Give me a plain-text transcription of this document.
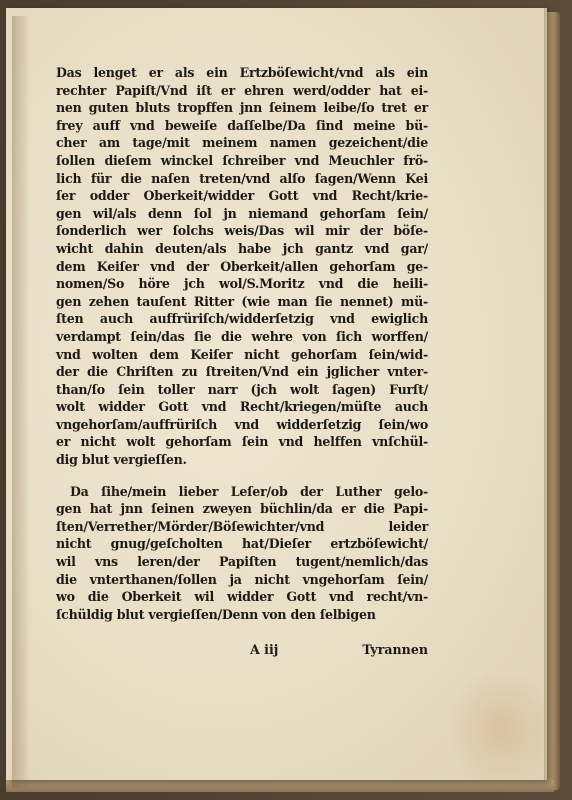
Das lenget er als ein Ertzböſewicht/vnd als ein
rechter Papiſt/Vnd iſt er ehren werd/odder hat ei-
nen guten bluts tropffen jnn ſeinem leibe/ſo tret er
frey auff vnd beweiſe daſſelbe/Da ſind meine bü-
cher am tage/mit meinem namen gezeichent/die
ſollen dieſem winckel ſchreiber vnd Meuchler frö-
lich für die naſen treten/vnd alſo ſagen/Wenn Kei
ſer odder Oberkeit/widder Gott vnd Recht/krie-
gen wil/als denn ſol jn niemand gehorſam ſein/
ſonderlich wer ſolchs weis/Das wil mir der böſe-
wicht dahin deuten/als habe jch gantz vnd gar/
dem Keiſer vnd der Oberkeit/allen gehorſam ge-
nomen/So höre jch wol/S.Moritz vnd die heili-
gen zehen tauſent Ritter (wie man ſie nennet) mü-
ſten auch auffrüriſch/widderſetzig vnd ewiglich
verdampt ſein/das ſie die wehre von ſich worffen/
vnd wolten dem Keiſer nicht gehorſam ſein/wid-
der die Chriſten zu ſtreiten/Vnd ein jglicher vnter-
than/ſo ſein toller narr (jch wolt ſagen) Furſt/
wolt widder Gott vnd Recht/kriegen/müſte auch
vngehorſam/auffrüriſch vnd widderſetzig ſein/wo
er nicht wolt gehorſam ſein vnd helffen vnſchül-
dig blut vergieſſen.
Da ſihe/mein lieber Leſer/ob der Luther gelo-
gen hat jnn ſeinen zweyen büchlin/da er die Papi-
ſten/Verrether/Mörder/Böſewichter/vnd leider
nicht gnug/geſcholten hat/Dieſer ertzböſewicht/
wil vns leren/der Papiſten tugent/nemlich/das
die vnterthanen/ſollen ja nicht vngehorſam ſein/
wo die Oberkeit wil widder Gott vnd recht/vn-
ſchüldig blut vergieſſen/Denn von den ſelbigen
A iij	Tyrannen
